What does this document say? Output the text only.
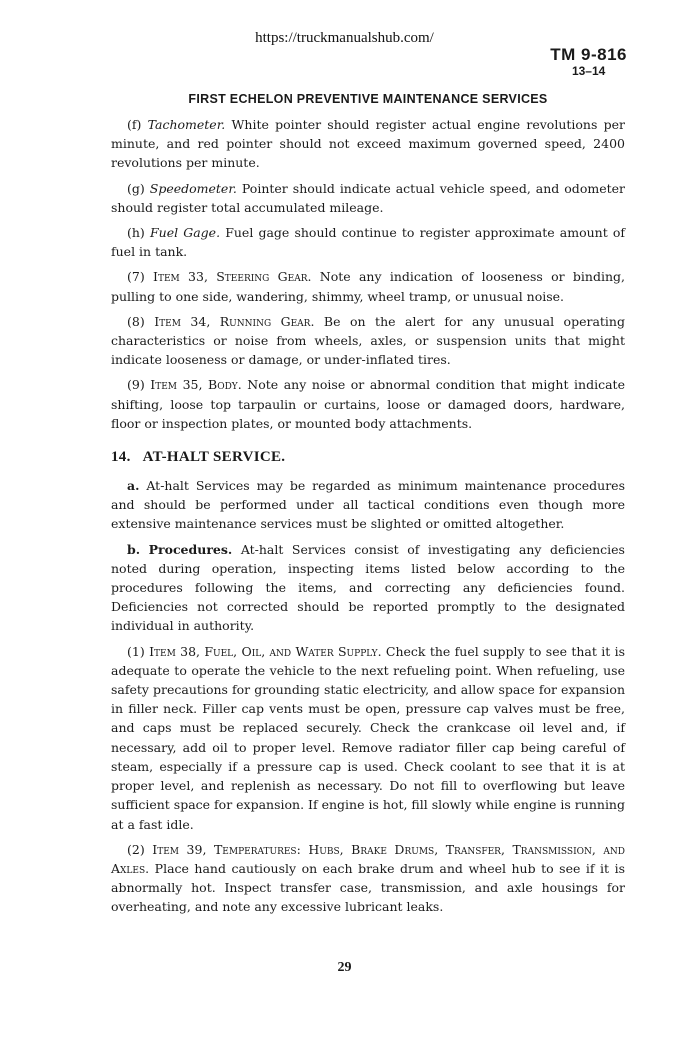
https://truckmanualshub.com/
TM 9-816
13–14
FIRST ECHELON PREVENTIVE MAINTENANCE SERVICES

(f) Tachometer. White pointer should register actual engine revolutions per minute, and red pointer should not exceed maximum governed speed, 2400 revolutions per minute.

(g) Speedometer. Pointer should indicate actual vehicle speed, and odometer should register total accumulated mileage.

(h) Fuel Gage. Fuel gage should continue to register approximate amount of fuel in tank.

(7) Item 33, Steering Gear. Note any indication of looseness or binding, pulling to one side, wandering, shimmy, wheel tramp, or unusual noise.

(8) Item 34, Running Gear. Be on the alert for any unusual operating characteristics or noise from wheels, axles, or suspension units that might indicate looseness or damage, or under-inflated tires.

(9) Item 35, Body. Note any noise or abnormal condition that might indicate shifting, loose top tarpaulin or curtains, loose or damaged doors, hardware, floor or inspection plates, or mounted body attachments.

14. AT-HALT SERVICE.

a. At-halt Services may be regarded as minimum maintenance procedures and should be performed under all tactical conditions even though more extensive maintenance services must be slighted or omitted altogether.

b. Procedures. At-halt Services consist of investigating any deficiencies noted during operation, inspecting items listed below according to the procedures following the items, and correcting any deficiencies found. Deficiencies not corrected should be reported promptly to the designated individual in authority.

(1) Item 38, Fuel, Oil, and Water Supply. Check the fuel supply to see that it is adequate to operate the vehicle to the next refueling point. When refueling, use safety precautions for grounding static electricity, and allow space for expansion in filler neck. Filler cap vents must be open, pressure cap valves must be free, and caps must be replaced securely. Check the crankcase oil level and, if necessary, add oil to proper level. Remove radiator filler cap being careful of steam, especially if a pressure cap is used. Check coolant to see that it is at proper level, and replenish as necessary. Do not fill to overflowing but leave sufficient space for expansion. If engine is hot, fill slowly while engine is running at a fast idle.

(2) Item 39, Temperatures: Hubs, Brake Drums, Transfer, Transmission, and Axles. Place hand cautiously on each brake drum and wheel hub to see if it is abnormally hot. Inspect transfer case, transmission, and axle housings for overheating, and note any excessive lubricant leaks.

29
